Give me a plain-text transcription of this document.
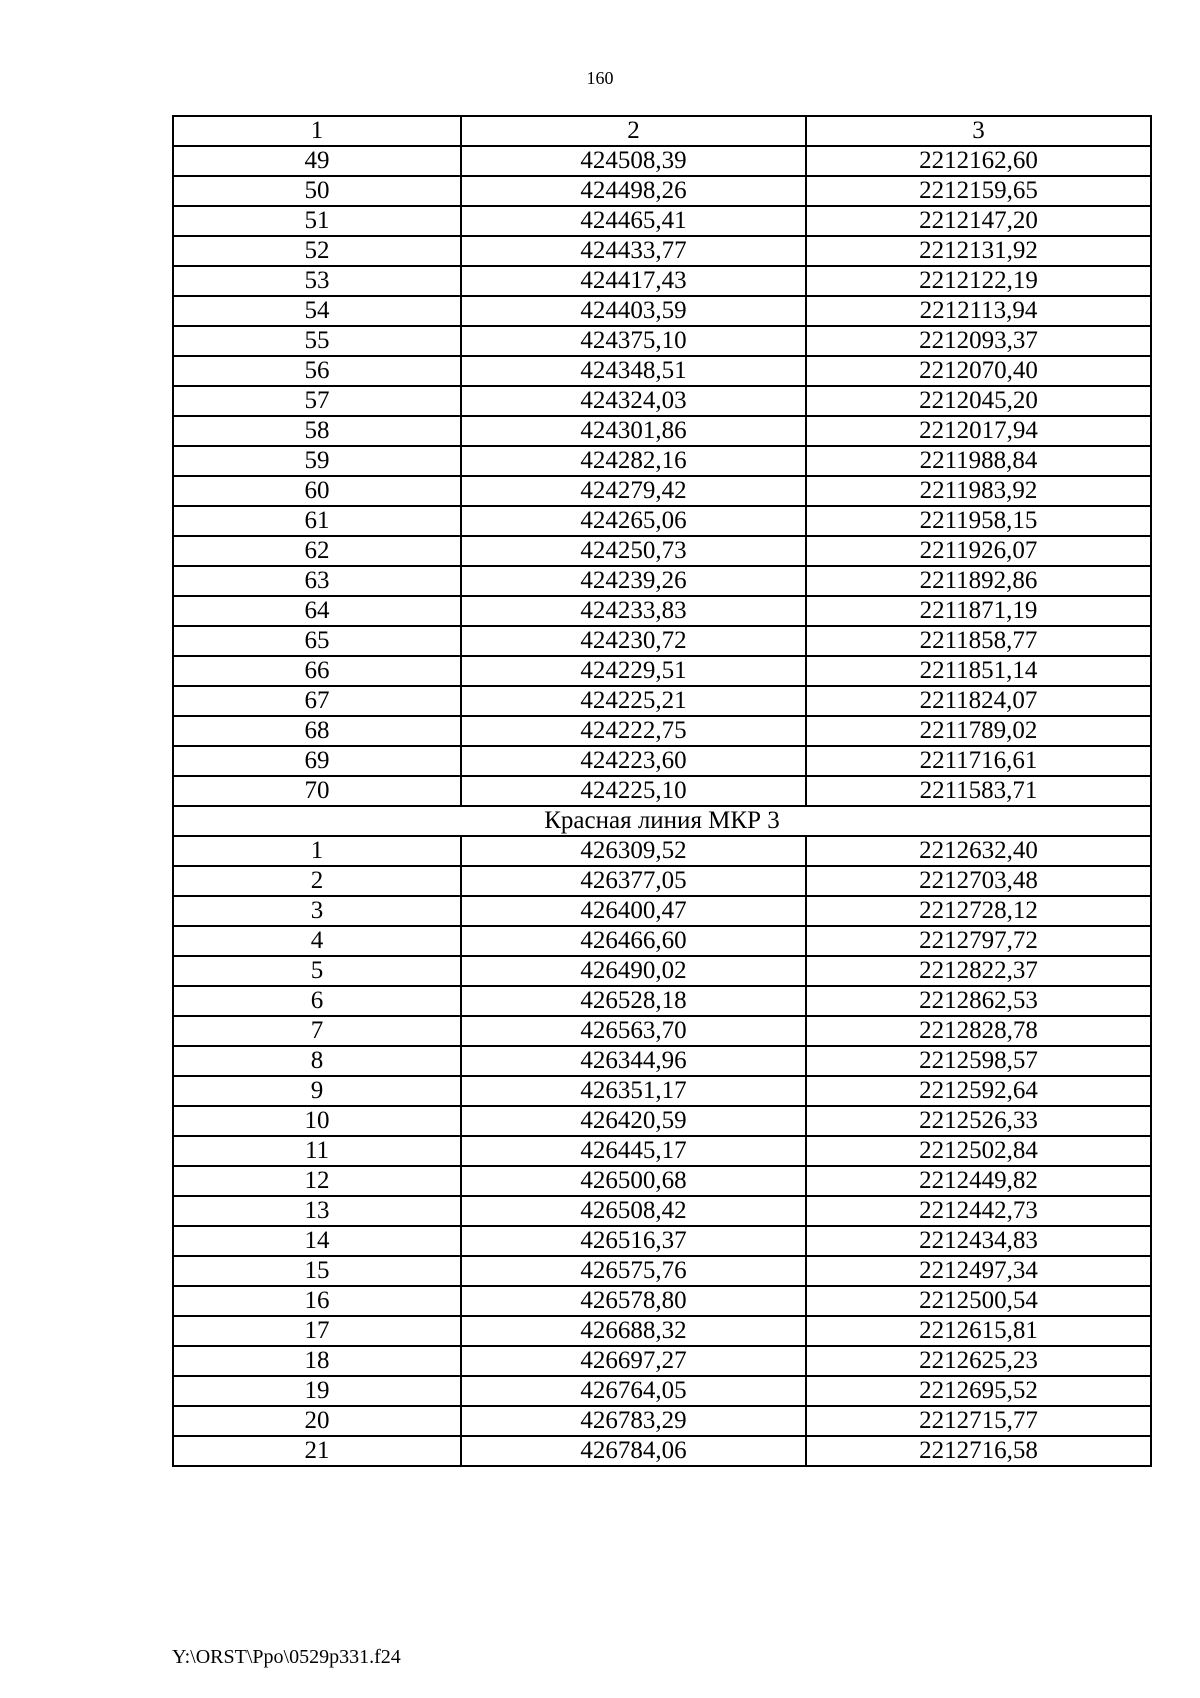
160
1	2	3
49	424508,39	2212162,60
50	424498,26	2212159,65
51	424465,41	2212147,20
52	424433,77	2212131,92
53	424417,43	2212122,19
54	424403,59	2212113,94
55	424375,10	2212093,37
56	424348,51	2212070,40
57	424324,03	2212045,20
58	424301,86	2212017,94
59	424282,16	2211988,84
60	424279,42	2211983,92
61	424265,06	2211958,15
62	424250,73	2211926,07
63	424239,26	2211892,86
64	424233,83	2211871,19
65	424230,72	2211858,77
66	424229,51	2211851,14
67	424225,21	2211824,07
68	424222,75	2211789,02
69	424223,60	2211716,61
70	424225,10	2211583,71
Красная линия МКР 3		
1	426309,52	2212632,40
2	426377,05	2212703,48
3	426400,47	2212728,12
4	426466,60	2212797,72
5	426490,02	2212822,37
6	426528,18	2212862,53
7	426563,70	2212828,78
8	426344,96	2212598,57
9	426351,17	2212592,64
10	426420,59	2212526,33
11	426445,17	2212502,84
12	426500,68	2212449,82
13	426508,42	2212442,73
14	426516,37	2212434,83
15	426575,76	2212497,34
16	426578,80	2212500,54
17	426688,32	2212615,81
18	426697,27	2212625,23
19	426764,05	2212695,52
20	426783,29	2212715,77
21	426784,06	2212716,58
Y:\ORST\Ppo\0529p331.f24
